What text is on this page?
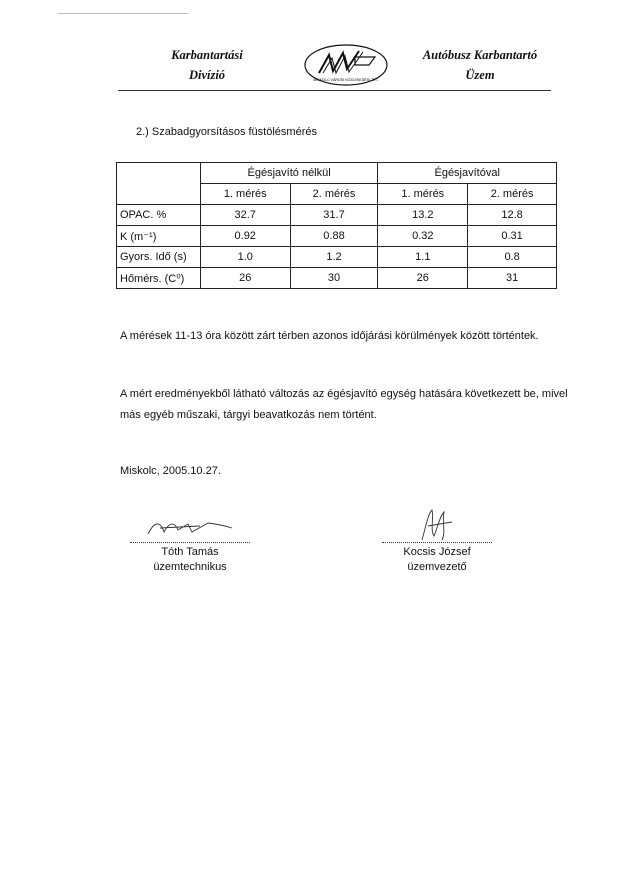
Karbantartási
Divízió	MISKOLC VÁROSI KÖZLEKEDÉSI ZRT.
Autóbusz Karbantartó
Üzem
2.) Szabadgyorsításos füstölésmérés
	Égésjavító nélkül		Égésjavítóval	
	1. mérés	2. mérés	1. mérés	2. mérés
OPAC. %	32.7	31.7	13.2	12.8
K (m⁻¹)	0.92	0.88	0.32	0.31
Gyors. Idő (s)	1.0	1.2	1.1	0.8
Hőmérs. (C⁰)	26	30	26	31
A mérések 11-13 óra között zárt térben azonos időjárási körülmények között történtek.
A mért eredményekből látható változás az égésjavító egység hatására következett be, mivel más egyéb műszaki, tárgyi beavatkozás nem történt.
Miskolc, 2005.10.27.
Tóth Tamás
üzemtechnikus
Kocsis József
üzemvezető
